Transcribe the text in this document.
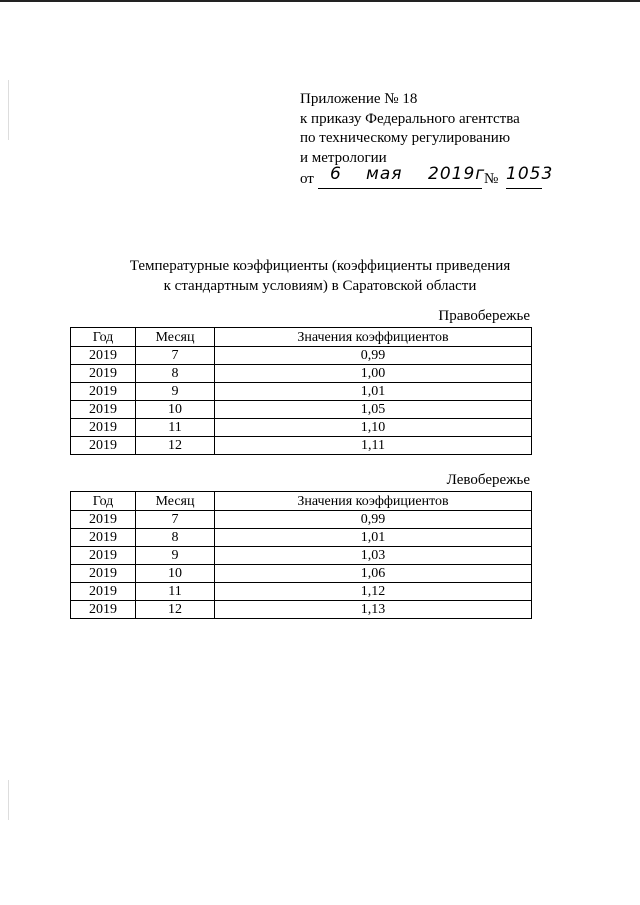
Приложение № 18
к приказу Федерального агентства
по техническому регулированию
и метрологии
от 6 мая 2019г
№ 1053
Температурные коэффициенты (коэффициенты приведения
к стандартным условиям) в Саратовской области
Правобережье
Год	Месяц	Значения коэффициентов
2019	7	0,99
2019	8	1,00
2019	9	1,01
2019	10	1,05
2019	11	1,10
2019	12	1,11
Левобережье
Год	Месяц	Значения коэффициентов
2019	7	0,99
2019	8	1,01
2019	9	1,03
2019	10	1,06
2019	11	1,12
2019	12	1,13
